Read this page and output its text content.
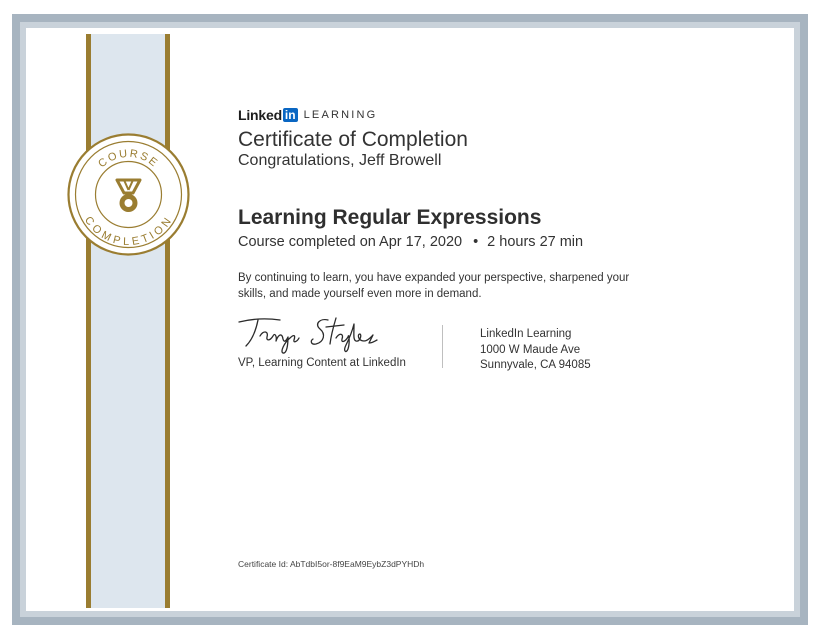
COURSE
COMPLETION
Linked in LEARNING
Certificate of Completion
Congratulations, Jeff Browell
Learning Regular Expressions
Course completed on Apr 17, 2020 • 2 hours 27 min
By continuing to learn, you have expanded your perspective, sharpened your skills, and made yourself even more in demand.
VP, Learning Content at LinkedIn
LinkedIn Learning
1000 W Maude Ave
Sunnyvale, CA 94085
Certificate Id: AbTdbI5or-8f9EaM9EybZ3dPYHDh
